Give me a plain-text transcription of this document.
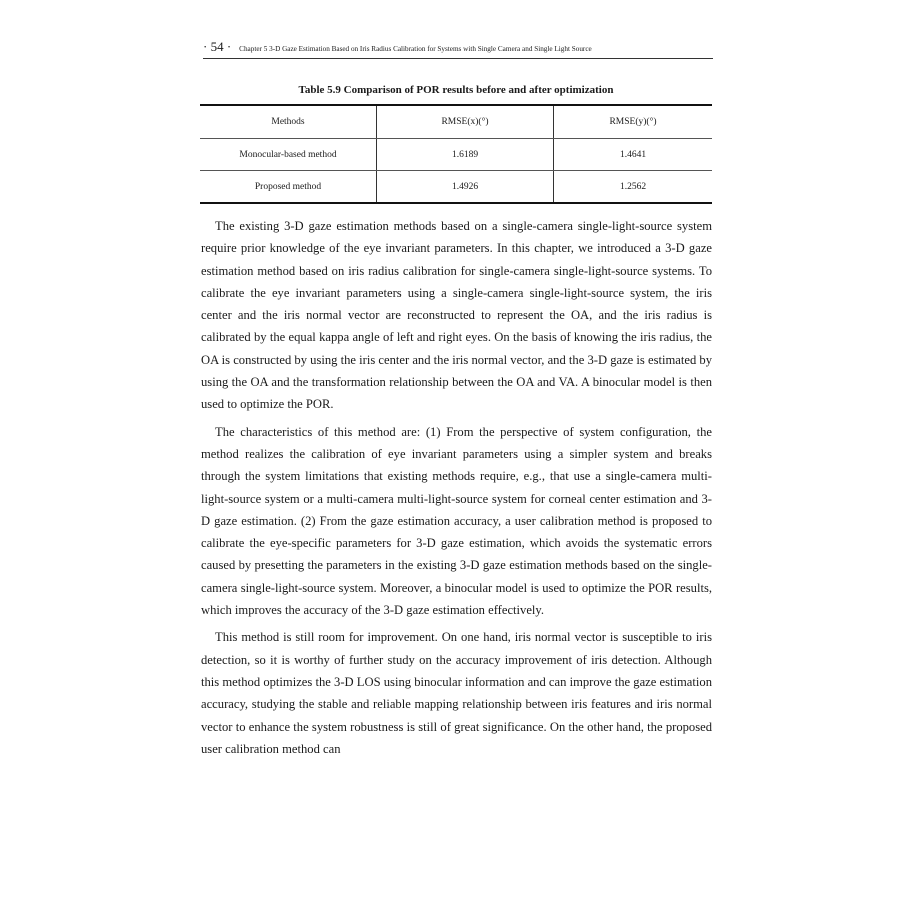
· 54 · Chapter 5 3-D Gaze Estimation Based on Iris Radius Calibration for Systems with Single Camera and Single Light Source
Table 5.9 Comparison of POR results before and after optimization
Methods	RMSE(x)(°)	RMSE(y)(°)
Monocular-based method	1.6189	1.4641
Proposed method	1.4926	1.2562

The existing 3-D gaze estimation methods based on a single-camera single-light-source system require prior knowledge of the eye invariant parameters. In this chapter, we introduced a 3-D gaze estimation method based on iris radius calibration for single-camera single-light-source systems. To calibrate the eye invariant parameters using a single-camera single-light-source system, the iris center and the iris normal vector are reconstructed to represent the OA, and the iris radius is calibrated by the equal kappa angle of left and right eyes. On the basis of knowing the iris radius, the OA is constructed by using the iris center and the iris normal vector, and the 3-D gaze is estimated by using the OA and the transformation relationship between the OA and VA. A binocular model is then used to optimize the POR.

The characteristics of this method are: (1) From the perspective of system configuration, the method realizes the calibration of eye invariant parameters using a simpler system and breaks through the system limitations that existing methods require, e.g., that use a single-camera multi-light-source system or a multi-camera multi-light-source system for corneal center estimation and 3-D gaze estimation. (2) From the gaze estimation accuracy, a user calibration method is proposed to calibrate the eye-specific parameters for 3-D gaze estimation, which avoids the systematic errors caused by presetting the parameters in the existing 3-D gaze estimation methods based on the single-camera single-light-source system. Moreover, a binocular model is used to optimize the POR results, which improves the accuracy of the 3-D gaze estimation effectively.

This method is still room for improvement. On one hand, iris normal vector is susceptible to iris detection, so it is worthy of further study on the accuracy improvement of iris detection. Although this method optimizes the 3-D LOS using binocular information and can improve the gaze estimation accuracy, studying the stable and reliable mapping relationship between iris features and iris normal vector to enhance the system robustness is still of great significance. On the other hand, the proposed user calibration method can
